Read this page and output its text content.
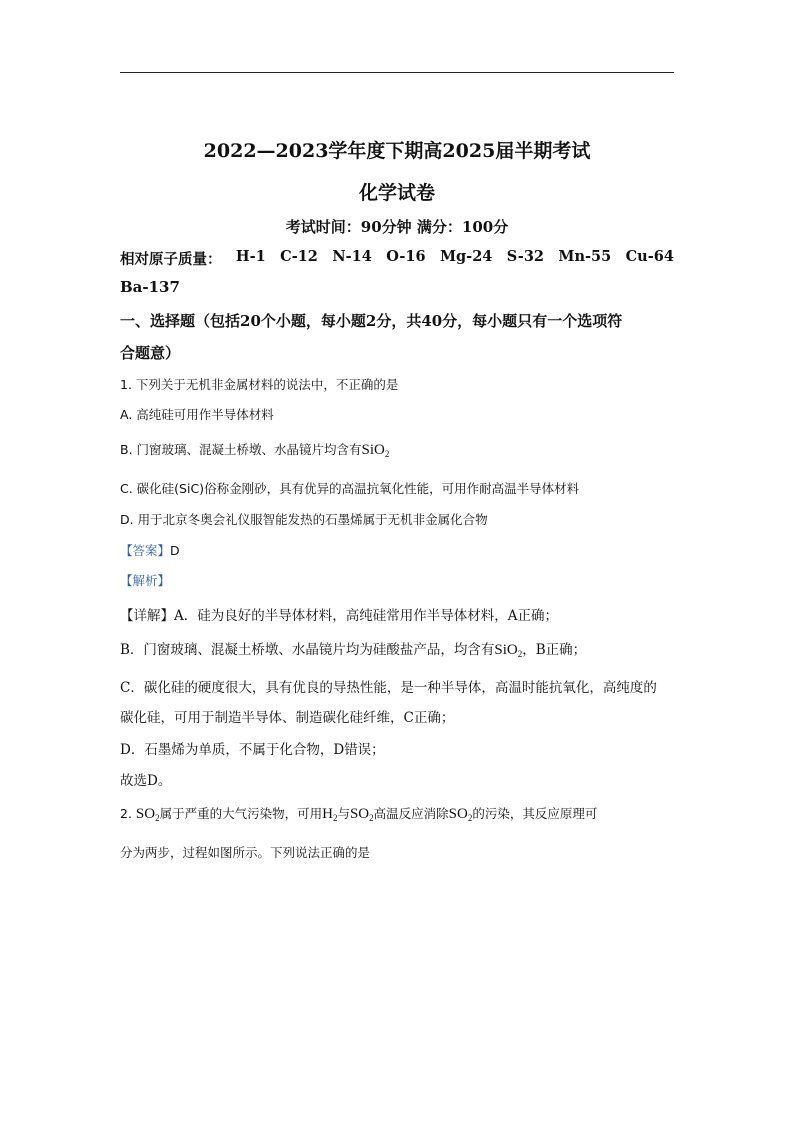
2022—2023学年度下期高2025届半期考试
化学试卷
考试时间：90分钟 满分：100分
相对原子质量： H-1 C-12 N-14 O-16 Mg-24 S-32 Mn-55 Cu-64
Ba-137
一、选择题（包括20个小题，每小题2分，共40分，每小题只有一个选项符
合题意）
1. 下列关于无机非金属材料的说法中，不正确的是
A. 高纯硅可用作半导体材料
B. 门窗玻璃、混凝土桥墩、水晶镜片均含有SiO$_2$
C. 碳化硅(SiC)俗称金刚砂，具有优异的高温抗氧化性能，可用作耐高温半导体材料
D. 用于北京冬奥会礼仪服智能发热的石墨烯属于无机非金属化合物
【答案】D
【解析】
【详解】A．硅为良好的半导体材料，高纯硅常用作半导体材料，A正确；
B．门窗玻璃、混凝土桥墩、水晶镜片均为硅酸盐产品，均含有SiO$_2$，B正确；
C．碳化硅的硬度很大，具有优良的导热性能，是一种半导体，高温时能抗氧化，高纯度的
碳化硅，可用于制造半导体、制造碳化硅纤维，C正确；
D．石墨烯为单质，不属于化合物，D错误；
故选D。
2. $SO_2$属于严重的大气污染物，可用$H_2$与$SO_2$高温反应消除$SO_2$的污染，其反应原理可
分为两步，过程如图所示。下列说法正确的是
